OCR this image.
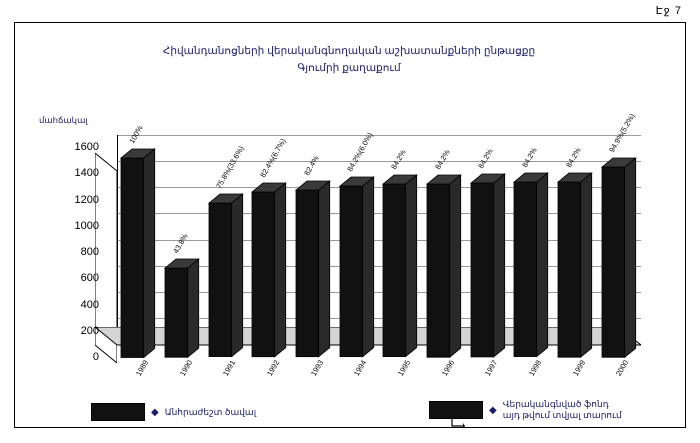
Էջ 7
Հիվանդանոցների վերականգնողական աշխատանքների ընթացքը
Գյումրի քաղաքում
մահճակալ
1600
1400
1200
1000
800
600
400
200
0
1989	1990	1991	1992	1993	1994	1995	1996	1997	1998	1999	2000
100%
43.8%
75.8%(33.6%) 82.4%(6.7%) 82.4%	84.2%(6.0%) 84.2%	84.2%	84.2%	84.2%	84.2%
94.9%(5.2%)
◆ Անհրաժեշտ ծավալ	◆
Վերականգնված ֆոնդ
այդ թվում տվյալ տարում
